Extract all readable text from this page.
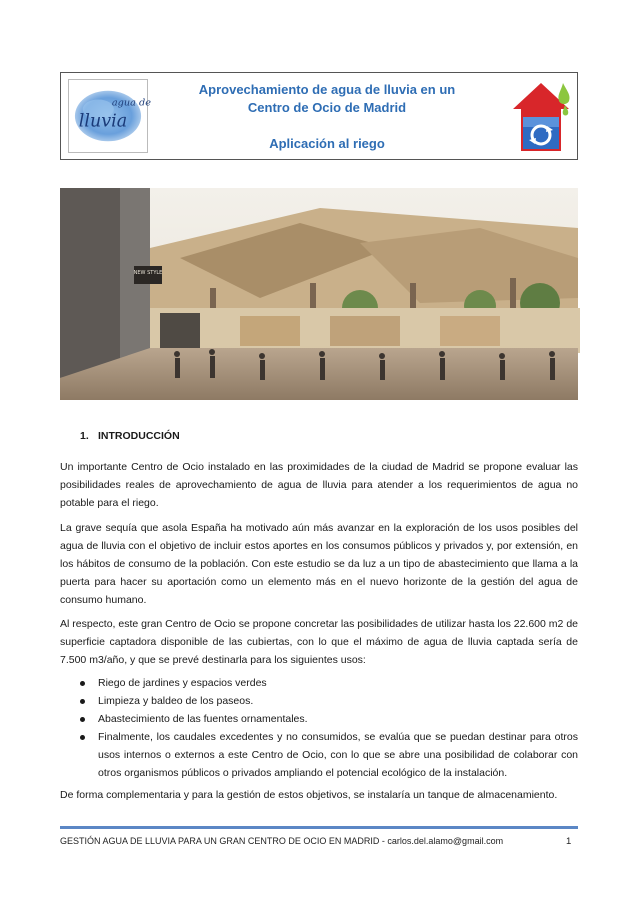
agua de
lluvia
Aprovechamiento de agua de lluvia en un
Centro de Ocio de Madrid
Aplicación al riego
NEW STYLE
1. INTRODUCCIÓN

Un importante Centro de Ocio instalado en las proximidades de la ciudad de Madrid se propone evaluar las posibilidades reales de aprovechamiento de agua de lluvia para atender a los requerimientos de agua no potable para el riego.

La grave sequía que asola España ha motivado aún más avanzar en la exploración de los usos posibles del agua de lluvia con el objetivo de incluir estos aportes en los consumos públicos y privados y, por extensión, en los hábitos de consumo de la población. Con este estudio se da luz a un tipo de abastecimiento que llama a la puerta para hacer su aportación como un elemento más en el nuevo horizonte de la gestión del agua de consumo humano.

Al respecto, este gran Centro de Ocio se propone concretar las posibilidades de utilizar hasta los 22.600 m2 de superficie captadora disponible de las cubiertas, con lo que el máximo de agua de lluvia captada sería de 7.500 m3/año, y que se prevé destinarla para los siguientes usos:

Riego de jardines y espacios verdes
Limpieza y baldeo de los paseos.
Abastecimiento de las fuentes ornamentales.
Finalmente, los caudales excedentes y no consumidos, se evalúa que se puedan destinar para otros usos internos o externos a este Centro de Ocio, con lo que se abre una posibilidad de colaborar con otros organismos públicos o privados ampliando el potencial ecológico de la instalación.

De forma complementaria y para la gestión de estos objetivos, se instalaría un tanque de almacenamiento.

GESTIÓN AGUA DE LLUVIA PARA UN GRAN CENTRO DE OCIO EN MADRID - carlos.del.alamo@gmail.com	1
